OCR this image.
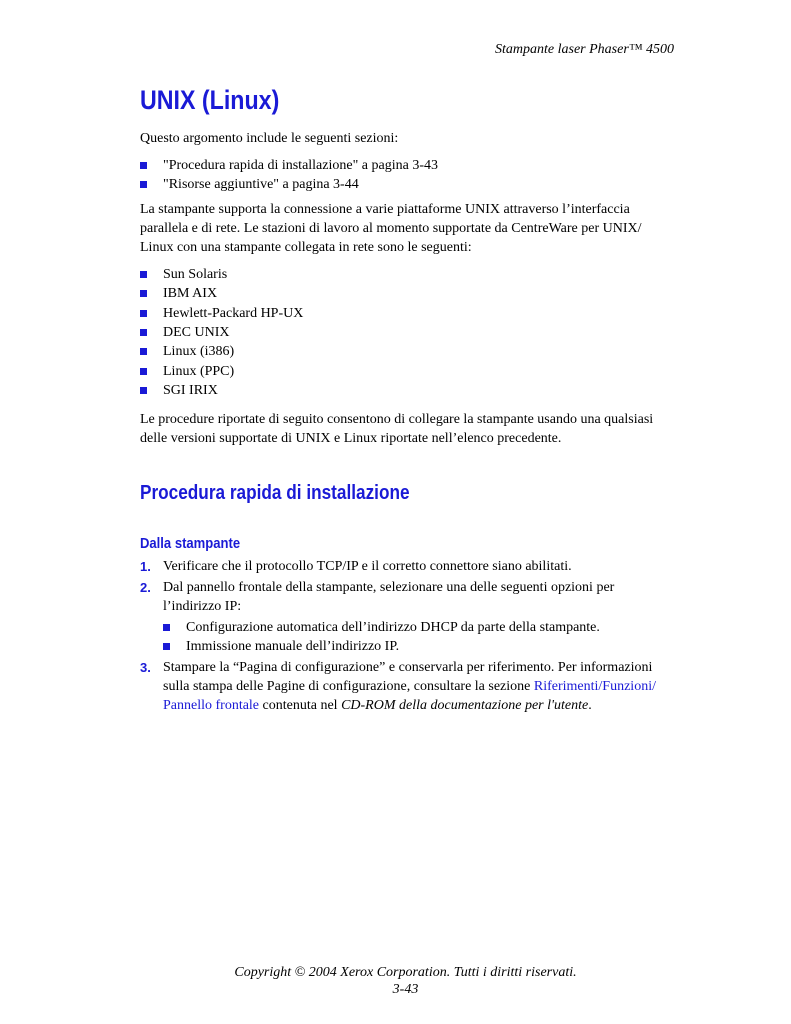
Stampante laser Phaser™ 4500
UNIX (Linux)

Questo argomento include le seguenti sezioni:

"Procedura rapida di installazione" a pagina 3-43
"Risorse aggiuntive" a pagina 3-44

La stampante supporta la connessione a varie piattaforme UNIX attraverso l’interfaccia parallela e di rete. Le stazioni di lavoro al momento supportate da CentreWare per UNIX/ Linux con una stampante collegata in rete sono le seguenti:

Sun Solaris
IBM AIX
Hewlett-Packard HP-UX
DEC UNIX
Linux (i386)
Linux (PPC)
SGI IRIX

Le procedure riportate di seguito consentono di collegare la stampante usando una qualsiasi delle versioni supportate di UNIX e Linux riportate nell’elenco precedente.

Procedura rapida di installazione
Dalla stampante
1. Verificare che il protocollo TCP/IP e il corretto connettore siano abilitati.
2. Dal pannello frontale della stampante, selezionare una delle seguenti opzioni per l’indirizzo IP:
Configurazione automatica dell’indirizzo DHCP da parte della stampante.
Immissione manuale dell’indirizzo IP.
3. Stampare la “Pagina di configurazione” e conservarla per riferimento. Per informazioni sulla stampa delle Pagine di configurazione, consultare la sezione Riferimenti/Funzioni/ Pannello frontale contenuta nel CD-ROM della documentazione per l'utente.
Copyright © 2004 Xerox Corporation. Tutti i diritti riservati.
3-43
